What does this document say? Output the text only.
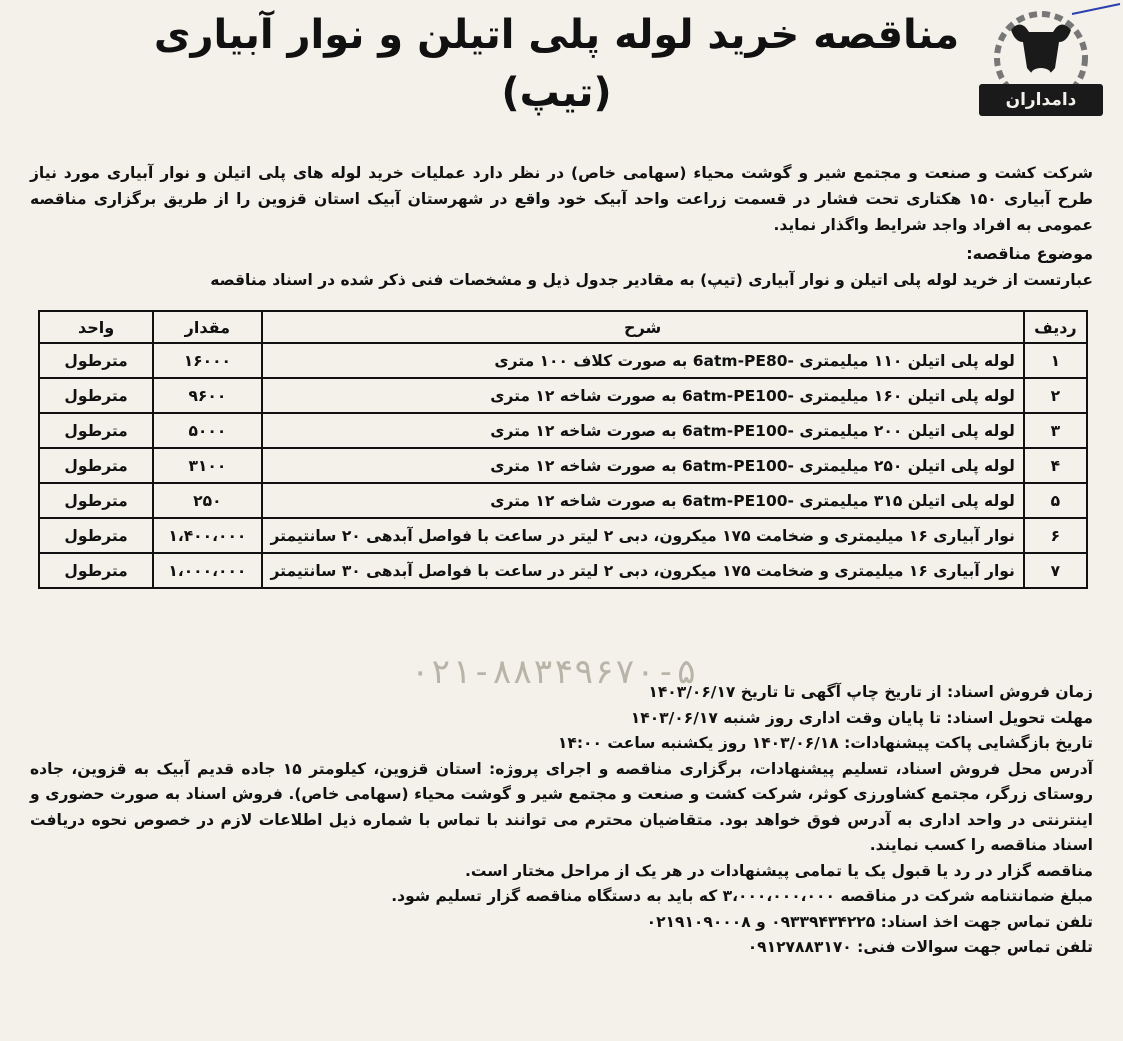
دامداران
مناقصه خرید لوله پلی اتیلن و نوار آبیاری
(تیپ)
شرکت کشت و صنعت و مجتمع شیر و گوشت محیاء (سهامی خاص) در نظر دارد عملیات خرید لوله های پلی اتیلن و نوار آبیاری مورد نیاز طرح آبیاری ۱۵۰ هکتاری تحت فشار در قسمت زراعت واحد آبیک خود واقع در شهرستان آبیک استان قزوین را از طریق برگزاری مناقصه عمومی به افراد واجد شرایط واگذار نماید.
موضوع مناقصه:
عبارتست از خرید لوله پلی اتیلن و نوار آبیاری (تیپ) به مقادیر جدول ذیل و مشخصات فنی ذکر شده در اسناد مناقصه
ردیف	شرح	مقدار	واحد
۱	لوله پلی اتیلن ۱۱۰ میلیمتری -6atm-PE80 به صورت کلاف ۱۰۰ متری	۱۶۰۰۰	مترطول
۲	لوله پلی اتیلن ۱۶۰ میلیمتری -6atm-PE100 به صورت شاخه ۱۲ متری	۹۶۰۰	مترطول
۳	لوله پلی اتیلن ۲۰۰ میلیمتری -6atm-PE100 به صورت شاخه ۱۲ متری	۵۰۰۰	مترطول
۴	لوله پلی اتیلن ۲۵۰ میلیمتری -6atm-PE100 به صورت شاخه ۱۲ متری	۳۱۰۰	مترطول
۵	لوله پلی اتیلن ۳۱۵ میلیمتری -6atm-PE100 به صورت شاخه ۱۲ متری	۲۵۰	مترطول
۶	نوار آبیاری ۱۶ میلیمتری و ضخامت ۱۷۵ میکرون، دبی ۲ لیتر در ساعت با فواصل آبدهی ۲۰ سانتیمتر	۱،۴۰۰،۰۰۰	مترطول
۷	نوار آبیاری ۱۶ میلیمتری و ضخامت ۱۷۵ میکرون، دبی ۲ لیتر در ساعت با فواصل آبدهی ۳۰ سانتیمتر	۱،۰۰۰،۰۰۰	مترطول
۰۲۱-۸۸۳۴۹۶۷۰-۵	زمان فروش اسناد: از تاریخ چاپ آگهی تا تاریخ ۱۴۰۳/۰۶/۱۷

مهلت تحویل اسناد: تا پایان وقت اداری روز شنبه ۱۴۰۳/۰۶/۱۷

تاریخ بازگشایی پاکت پیشنهادات: ۱۴۰۳/۰۶/۱۸ روز یکشنبه ساعت ۱۴:۰۰

آدرس محل فروش اسناد، تسلیم پیشنهادات، برگزاری مناقصه و اجرای پروژه: استان قزوین، کیلومتر ۱۵ جاده قدیم آبیک به قزوین، جاده روستای زرگر، مجتمع کشاورزی کوثر، شرکت کشت و صنعت و مجتمع شیر و گوشت محیاء (سهامی خاص). فروش اسناد به صورت حضوری و اینترنتی در واحد اداری به آدرس فوق خواهد بود. متقاضیان محترم می توانند با تماس با شماره ذیل اطلاعات لازم در خصوص نحوه دریافت اسناد مناقصه را کسب نمایند.

مناقصه گزار در رد یا قبول یک یا تمامی پیشنهادات در هر یک از مراحل مختار است.

مبلغ ضمانتنامه شرکت در مناقصه ۳،۰۰۰،۰۰۰،۰۰۰ که باید به دستگاه مناقصه گزار تسلیم شود.

تلفن تماس جهت اخذ اسناد: ۰۹۳۳۹۴۳۴۲۲۵ و ۰۲۱۹۱۰۹۰۰۰۸

تلفن تماس جهت سوالات فنی: ۰۹۱۲۷۸۸۳۱۷۰
